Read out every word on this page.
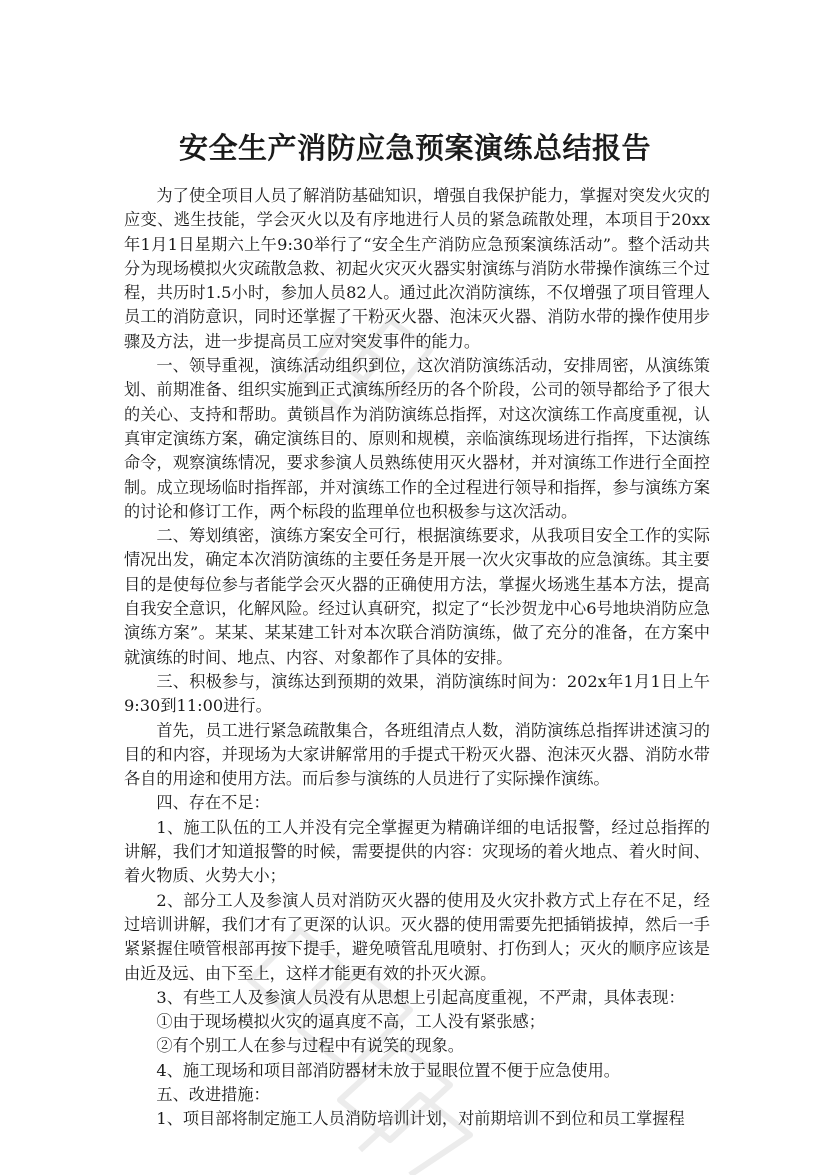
安全生产消防应急预案演练总结报告

为了使全项目人员了解消防基础知识，增强自我保护能力，掌握对突发火灾的应变、逃生技能，学会灭火以及有序地进行人员的紧急疏散处理，本项目于20xx年1月1日星期六上午9:30举行了“安全生产消防应急预案演练活动”。整个活动共分为现场模拟火灾疏散急救、初起火灾灭火器实射演练与消防水带操作演练三个过程，共历时1.5小时，参加人员82人。通过此次消防演练，不仅增强了项目管理人员工的消防意识，同时还掌握了干粉灭火器、泡沫灭火器、消防水带的操作使用步骤及方法，进一步提高员工应对突发事件的能力。

一、领导重视，演练活动组织到位，这次消防演练活动，安排周密，从演练策划、前期准备、组织实施到正式演练所经历的各个阶段，公司的领导都给予了很大的关心、支持和帮助。黄锁昌作为消防演练总指挥，对这次演练工作高度重视，认真审定演练方案，确定演练目的、原则和规模，亲临演练现场进行指挥，下达演练命令，观察演练情况，要求参演人员熟练使用灭火器材，并对演练工作进行全面控制。成立现场临时指挥部，并对演练工作的全过程进行领导和指挥，参与演练方案的讨论和修订工作，两个标段的监理单位也积极参与这次活动。

二、筹划缜密，演练方案安全可行，根据演练要求，从我项目安全工作的实际情况出发，确定本次消防演练的主要任务是开展一次火灾事故的应急演练。其主要目的是使每位参与者能学会灭火器的正确使用方法，掌握火场逃生基本方法，提高自我安全意识，化解风险。经过认真研究，拟定了“长沙贺龙中心6号地块消防应急演练方案”。某某、某某建工针对本次联合消防演练，做了充分的准备，在方案中就演练的时间、地点、内容、对象都作了具体的安排。

三、积极参与，演练达到预期的效果，消防演练时间为：202x年1月1日上午9:30到11:00进行。

首先，员工进行紧急疏散集合，各班组清点人数，消防演练总指挥讲述演习的目的和内容，并现场为大家讲解常用的手提式干粉灭火器、泡沫灭火器、消防水带各自的用途和使用方法。而后参与演练的人员进行了实际操作演练。

四、存在不足：

1、施工队伍的工人并没有完全掌握更为精确详细的电话报警，经过总指挥的讲解，我们才知道报警的时候，需要提供的内容：灾现场的着火地点、着火时间、着火物质、火势大小；

2、部分工人及参演人员对消防灭火器的使用及火灾扑救方式上存在不足，经过培训讲解，我们才有了更深的认识。灭火器的使用需要先把插销拔掉，然后一手紧紧握住喷管根部再按下提手，避免喷管乱甩喷射、打伤到人；灭火的顺序应该是由近及远、由下至上，这样才能更有效的扑灭火源。

3、有些工人及参演人员没有从思想上引起高度重视，不严肃，具体表现：

①由于现场模拟火灾的逼真度不高，工人没有紧张感；

②有个别工人在参与过程中有说笑的现象。

4、施工现场和项目部消防器材未放于显眼位置不便于应急使用。

五、改进措施：

1、项目部将制定施工人员消防培训计划，对前期培训不到位和员工掌握程
